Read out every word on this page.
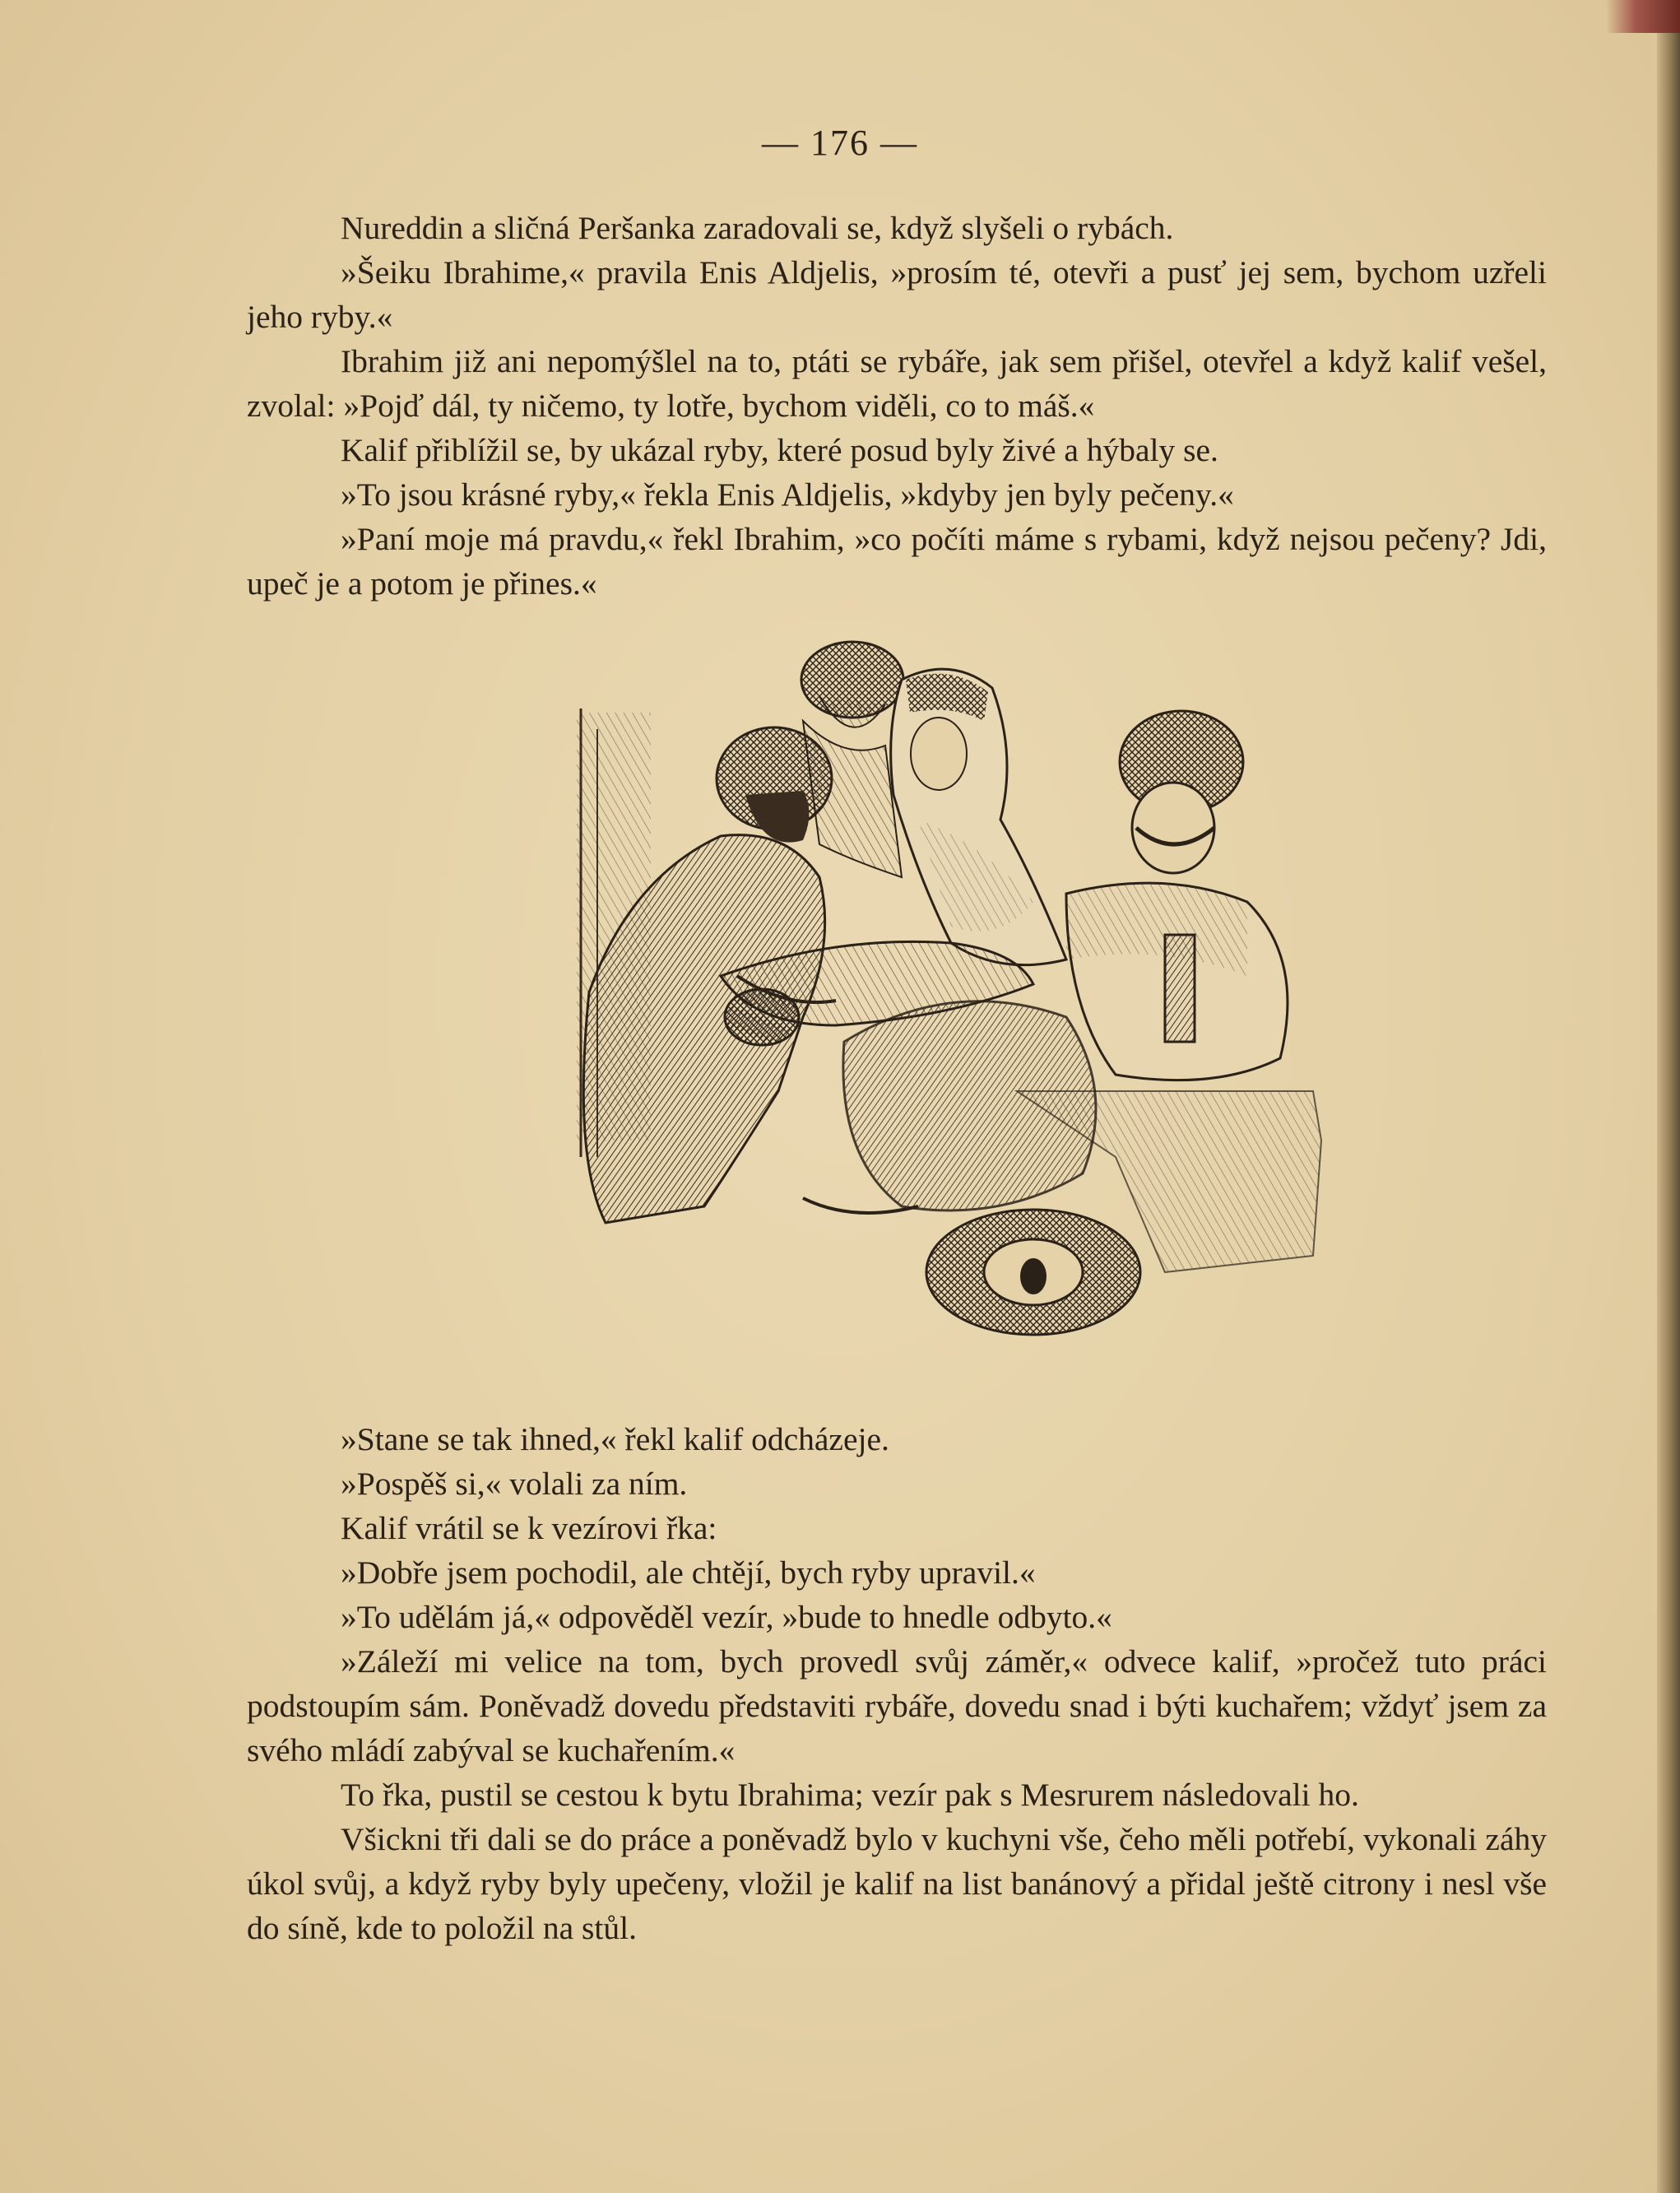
— 176 —

Nureddin a sličná Peršanka zaradovali se, když slyšeli o rybách.

»Šeiku Ibrahime,« pravila Enis Aldjelis, »prosím té, otevři a pusť jej sem, bychom uzřeli jeho ryby.«

Ibrahim již ani nepomýšlel na to, ptáti se rybáře, jak sem přišel, otevřel a když kalif vešel, zvolal: »Pojď dál, ty ničemo, ty lotře, bychom viděli, co to máš.«

Kalif přiblížil se, by ukázal ryby, které posud byly živé a hýbaly se.

»To jsou krásné ryby,« řekla Enis Aldjelis, »kdyby jen byly pečeny.«

»Paní moje má pravdu,« řekl Ibrahim, »co počíti máme s rybami, když nejsou pečeny? Jdi, upeč je a potom je přines.«

»Stane se tak ihned,« řekl kalif odcházeje.

»Pospěš si,« volali za ním.

Kalif vrátil se k vezírovi řka:

»Dobře jsem pochodil, ale chtějí, bych ryby upravil.«

»To udělám já,« odpověděl vezír, »bude to hnedle odbyto.«

»Záleží mi velice na tom, bych provedl svůj záměr,« odvece kalif, »pročež tuto práci podstoupím sám. Poněvadž dovedu představiti rybáře, dovedu snad i býti kuchařem; vždyť jsem za svého mládí zabýval se kuchařením.«

To řka, pustil se cestou k bytu Ibrahima; vezír pak s Mesrurem následovali ho.

Všickni tři dali se do práce a poněvadž bylo v kuchyni vše, čeho měli potřebí, vykonali záhy úkol svůj, a když ryby byly upečeny, vložil je kalif na list banánový a přidal ještě citrony i nesl vše do síně, kde to položil na stůl.
